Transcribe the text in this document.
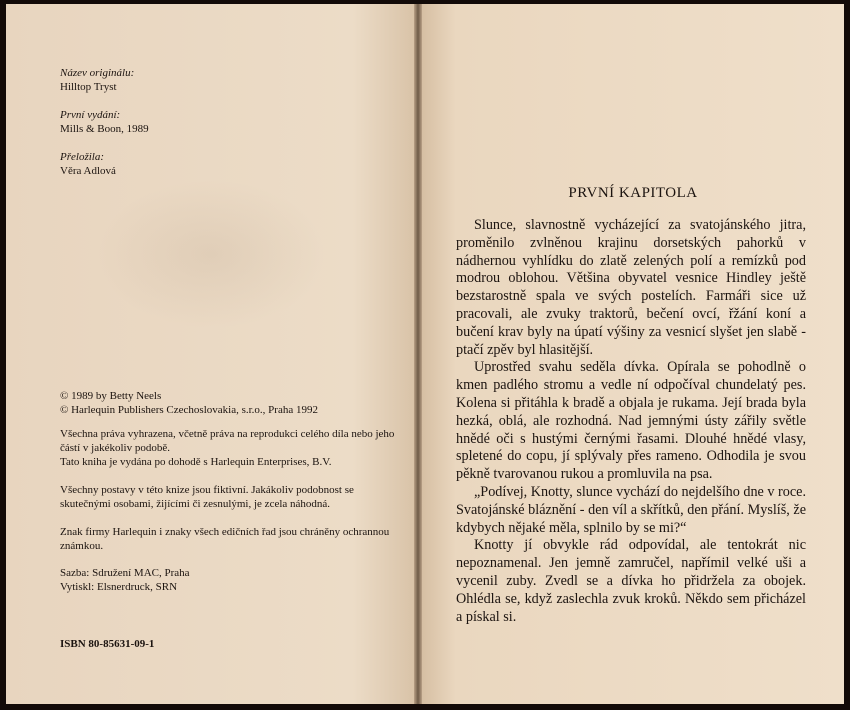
Název originálu:
Hilltop Tryst
První vydání:
Mills & Boon, 1989
Přeložila:
Věra Adlová
© 1989 by Betty Neels
© Harlequin Publishers Czechoslovakia, s.r.o., Praha 1992
Všechna práva vyhrazena, včetně práva na reprodukci celého díla nebo jeho částí v jakékoliv podobě.
Tato kniha je vydána po dohodě s Harlequin Enterprises, B.V.
Všechny postavy v této knize jsou fiktivní. Jakákoliv podobnost se skutečnými osobami, žijícími či zesnulými, je zcela náhodná.
Znak firmy Harlequin i znaky všech edičních řad jsou chráněny ochrannou známkou.
Sazba: Sdružení MAC, Praha
Vytiskl: Elsnerdruck, SRN
ISBN 80-85631-09-1
PRVNÍ KAPITOLA

Slunce, slavnostně vycházející za svatojánského jitra, proměnilo zvlněnou krajinu dorsetských pahorků v nádhernou vyhlídku do zlatě zelených polí a remízků pod modrou oblohou. Většina obyvatel vesnice Hindley ještě bezstarostně spala ve svých postelích. Farmáři sice už pracovali, ale zvuky traktorů, bečení ovcí, řžání koní a bučení krav byly na úpatí výšiny za vesnicí slyšet jen slabě - ptačí zpěv byl hlasitější.

Uprostřed svahu seděla dívka. Opírala se pohodlně o kmen padlého stromu a vedle ní odpočíval chundelatý pes. Kolena si přitáhla k bradě a objala je rukama. Její brada byla hezká, oblá, ale rozhodná. Nad jemnými ústy zářily světle hnědé oči s hustými černými řasami. Dlouhé hnědé vlasy, spletené do copu, jí splývaly přes rameno. Odhodila je svou pěkně tvarovanou rukou a promluvila na psa.

„Podívej, Knotty, slunce vychází do nejdelšího dne v roce. Svatojánské bláznění - den víl a skřítků, den přání. Myslíš, že kdybych nějaké měla, splnilo by se mi?“

Knotty jí obvykle rád odpovídal, ale tentokrát nic nepoznamenal. Jen jemně zamručel, napřímil velké uši a vycenil zuby. Zvedl se a dívka ho přidržela za obojek. Ohlédla se, když zaslechla zvuk kroků. Někdo sem přicházel a pískal si.
